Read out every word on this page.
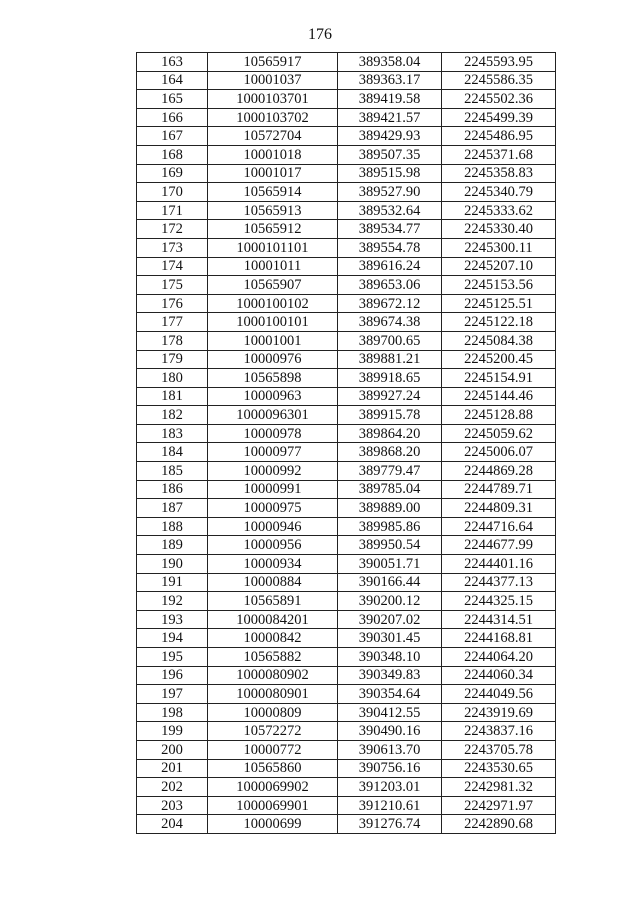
176
163	10565917	389358.04	2245593.95
164	10001037	389363.17	2245586.35
165	1000103701	389419.58	2245502.36
166	1000103702	389421.57	2245499.39
167	10572704	389429.93	2245486.95
168	10001018	389507.35	2245371.68
169	10001017	389515.98	2245358.83
170	10565914	389527.90	2245340.79
171	10565913	389532.64	2245333.62
172	10565912	389534.77	2245330.40
173	1000101101	389554.78	2245300.11
174	10001011	389616.24	2245207.10
175	10565907	389653.06	2245153.56
176	1000100102	389672.12	2245125.51
177	1000100101	389674.38	2245122.18
178	10001001	389700.65	2245084.38
179	10000976	389881.21	2245200.45
180	10565898	389918.65	2245154.91
181	10000963	389927.24	2245144.46
182	1000096301	389915.78	2245128.88
183	10000978	389864.20	2245059.62
184	10000977	389868.20	2245006.07
185	10000992	389779.47	2244869.28
186	10000991	389785.04	2244789.71
187	10000975	389889.00	2244809.31
188	10000946	389985.86	2244716.64
189	10000956	389950.54	2244677.99
190	10000934	390051.71	2244401.16
191	10000884	390166.44	2244377.13
192	10565891	390200.12	2244325.15
193	1000084201	390207.02	2244314.51
194	10000842	390301.45	2244168.81
195	10565882	390348.10	2244064.20
196	1000080902	390349.83	2244060.34
197	1000080901	390354.64	2244049.56
198	10000809	390412.55	2243919.69
199	10572272	390490.16	2243837.16
200	10000772	390613.70	2243705.78
201	10565860	390756.16	2243530.65
202	1000069902	391203.01	2242981.32
203	1000069901	391210.61	2242971.97
204	10000699	391276.74	2242890.68
